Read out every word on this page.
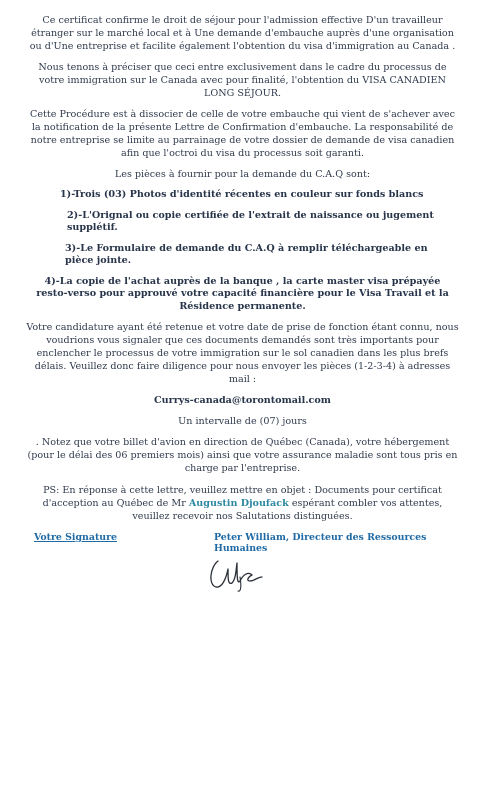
Ce certificat confirme le droit de séjour pour l'admission effective D'un travailleur étranger sur le marché local et à Une demande d'embauche auprès d'une organisation ou d'Une entreprise et facilite également l'obtention du visa d'immigration au Canada .

Nous tenons à préciser que ceci entre exclusivement dans le cadre du processus de votre immigration sur le Canada avec pour finalité, l'obtention du VISA CANADIEN LONG SÉJOUR.

Cette Procédure est à dissocier de celle de votre embauche qui vient de s'achever avec la notification de la présente Lettre de Confirmation d'embauche. La responsabilité de notre entreprise se limite au parrainage de votre dossier de demande de visa canadien afin que l'octroi du visa du processus soit garanti.

Les pièces à fournir pour la demande du C.A.Q sont:

1)-Trois (03) Photos d'identité récentes en couleur sur fonds blancs

2)-L'Orignal ou copie certifiée de l'extrait de naissance ou jugement supplétif.

3)-Le Formulaire de demande du C.A.Q à remplir téléchargeable en pièce jointe.

4)-La copie de l'achat auprès de la banque , la carte master visa prépayée resto-verso pour approuvé votre capacité financière pour le Visa Travail et la Résidence permanente.

Votre candidature ayant été retenue et votre date de prise de fonction étant connu, nous voudrions vous signaler que ces documents demandés sont très importants pour enclencher le processus de votre immigration sur le sol canadien dans les plus brefs délais. Veuillez donc faire diligence pour nous envoyer les pièces (1-2-3-4) à adresses mail :

Currys-canada@torontomail.com

Un intervalle de (07) jours

. Notez que votre billet d'avion en direction de Québec (Canada), votre hébergement (pour le délai des 06 premiers mois) ainsi que votre assurance maladie sont tous pris en charge par l'entreprise.

PS: En réponse à cette lettre, veuillez mettre en objet : Documents pour certificat d'acception au Québec de Mr Augustin Djoufack espérant combler vos attentes, veuillez recevoir nos Salutations distinguées.

Votre Signature	Peter William, Directeur des Ressources Humaines
